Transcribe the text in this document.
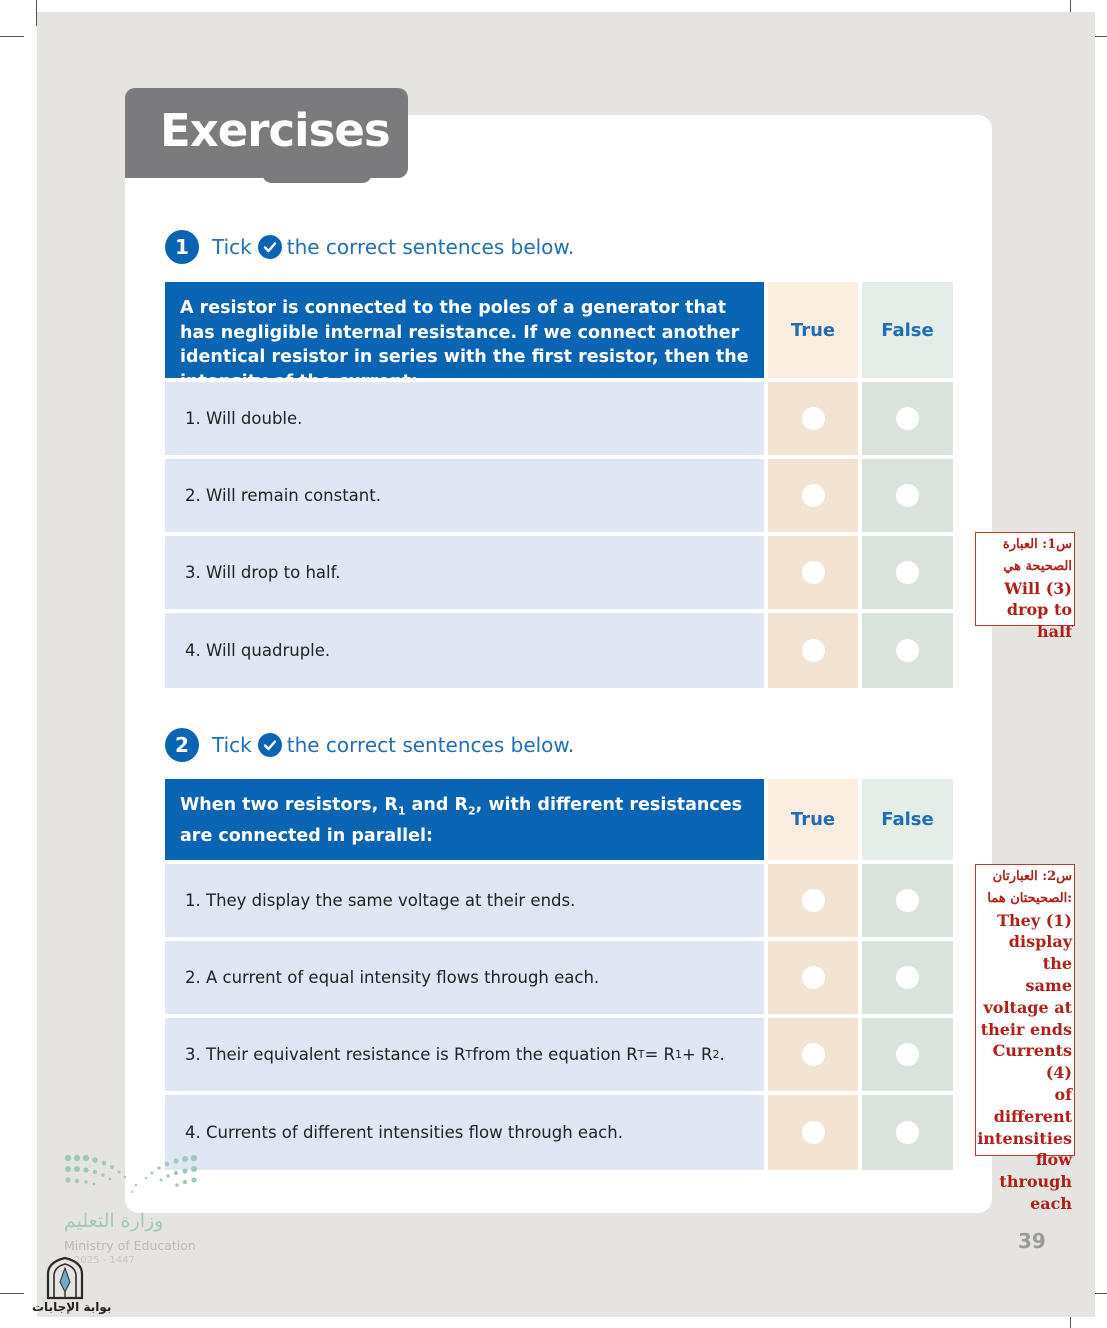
Exercises
1	Tick the correct sentences below.
A resistor is connected to the poles of a generator that has negligible internal resistance. If we connect another identical resistor in series with the first resistor, then the
True	False
1. Will double.
2. Will remain constant.
3. Will drop to half.
4. Will quadruple.
2	Tick the correct sentences below.
When two resistors, $R_1$ and $R_2$, with different resistances are connected in parallel:
True	False
1. They display the same voltage at their ends.
2. A current of equal intensity flows through each.
3. Their equivalent resistance is R T from the equation R T = R 1 + R 2 .
4. Currents of different intensities flow through each.
س1: العبارة
الصحيحة هي
Will (3)
drop to half
س2: العبارتان
الصحيحتان هما:
They (1)
display the
same
voltage at
their ends
Currents (4)
of different
intensities
flow
through
each
39
وزارة التعليم
Ministry of Education
2025 - 1447
بوابة الإجابات
